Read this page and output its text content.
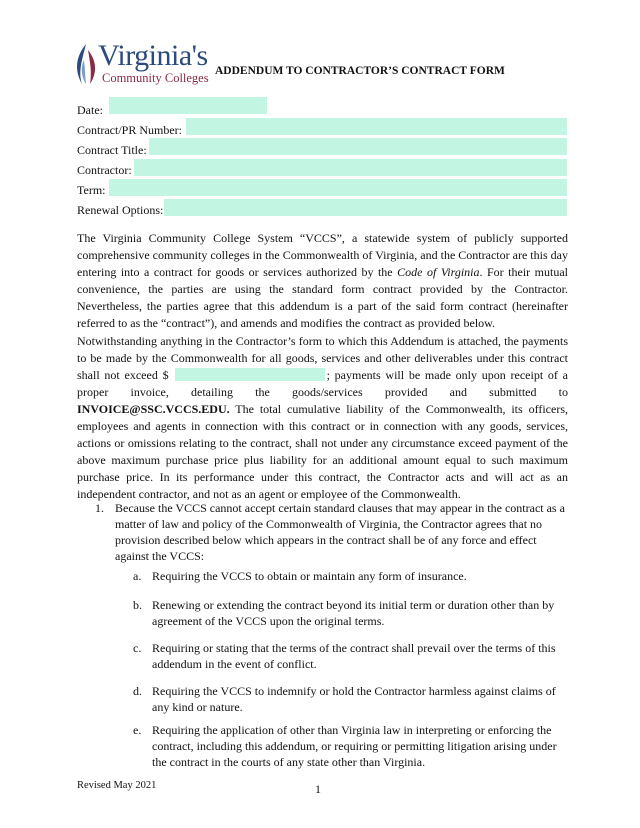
Virginia's
Community Colleges ADDENDUM TO CONTRACTOR’S CONTRACT FORM
Date:
Contract/PR Number:
Contract Title:
Contractor:
Term:
Renewal Options:

The Virginia Community College System “VCCS”, a statewide system of publicly supported comprehensive community colleges in the Commonwealth of Virginia, and the Contractor are this day entering into a contract for goods or services authorized by the Code of Virginia. For their mutual convenience, the parties are using the standard form contract provided by the Contractor. Nevertheless, the parties agree that this addendum is a part of the said form contract (hereinafter referred to as the “contract”), and amends and modifies the contract as provided below.

Notwithstanding anything in the Contractor’s form to which this Addendum is attached, the payments to be made by the Commonwealth for all goods, services and other deliverables under this contract shall not exceed $	; payments will be made only upon receipt of a proper invoice, detailing the goods/services provided and submitted to INVOICE@SSC.VCCS.EDU. The total cumulative liability of the Commonwealth, its officers, employees and agents in connection with this contract or in connection with any goods, services, actions or omissions relating to the contract, shall not under any circumstance exceed payment of the above maximum purchase price plus liability for an additional amount equal to such maximum purchase price. In its performance under this contract, the Contractor acts and will act as an independent contractor, and not as an agent or employee of the Commonwealth.

1. Because the VCCS cannot accept certain standard clauses that may appear in the contract as a matter of law and policy of the Commonwealth of Virginia, the Contractor agrees that no provision described below which appears in the contract shall be of any force and effect against the VCCS:

a. Requiring the VCCS to obtain or maintain any form of insurance.

b. Renewing or extending the contract beyond its initial term or duration other than by agreement of the VCCS upon the original terms.

c. Requiring or stating that the terms of the contract shall prevail over the terms of this addendum in the event of conflict.

d. Requiring the VCCS to indemnify or hold the Contractor harmless against claims of any kind or nature.

e. Requiring the application of other than Virginia law in interpreting or enforcing the contract, including this addendum, or requiring or permitting litigation arising under the contract in the courts of any state other than Virginia.

Revised May 2021	1
